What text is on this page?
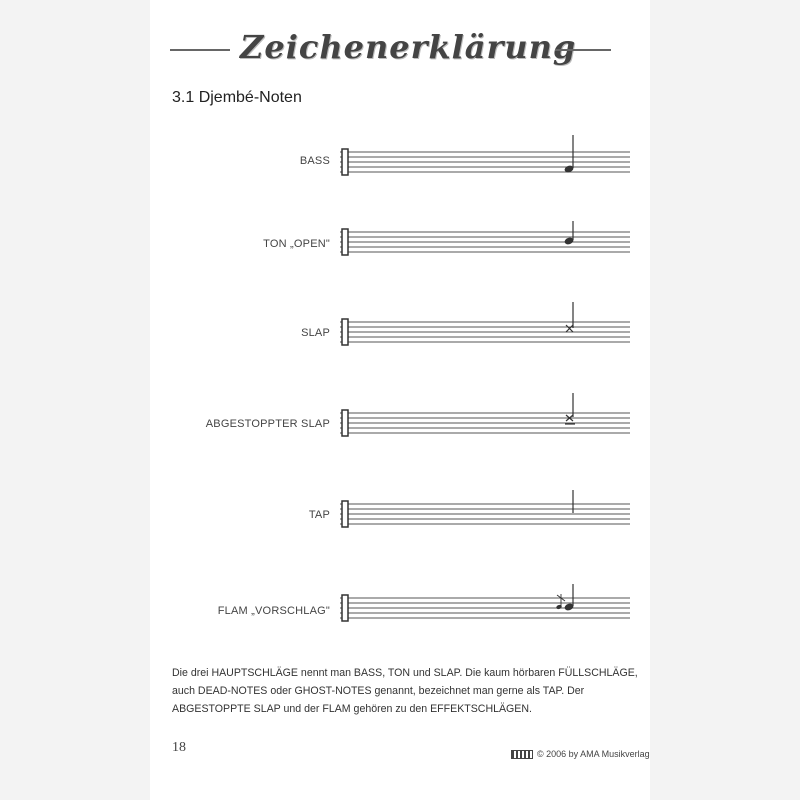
Zeichenerklärung
3.1 Djembé-Noten
BASS
TON „OPEN"
SLAP
ABGESTOPPTER SLAP
TAP
FLAM „VORSCHLAG"
Die drei HAUPTSCHLÄGE nennt man BASS, TON und SLAP. Die kaum hörbaren FÜLLSCHLÄGE, auch DEAD-NOTES oder GHOST-NOTES genannt, bezeichnet man gerne als TAP. Der ABGESTOPPTE SLAP und der FLAM gehören zu den EFFEKTSCHLÄGEN.
18	© 2006 by AMA Musikverlag
